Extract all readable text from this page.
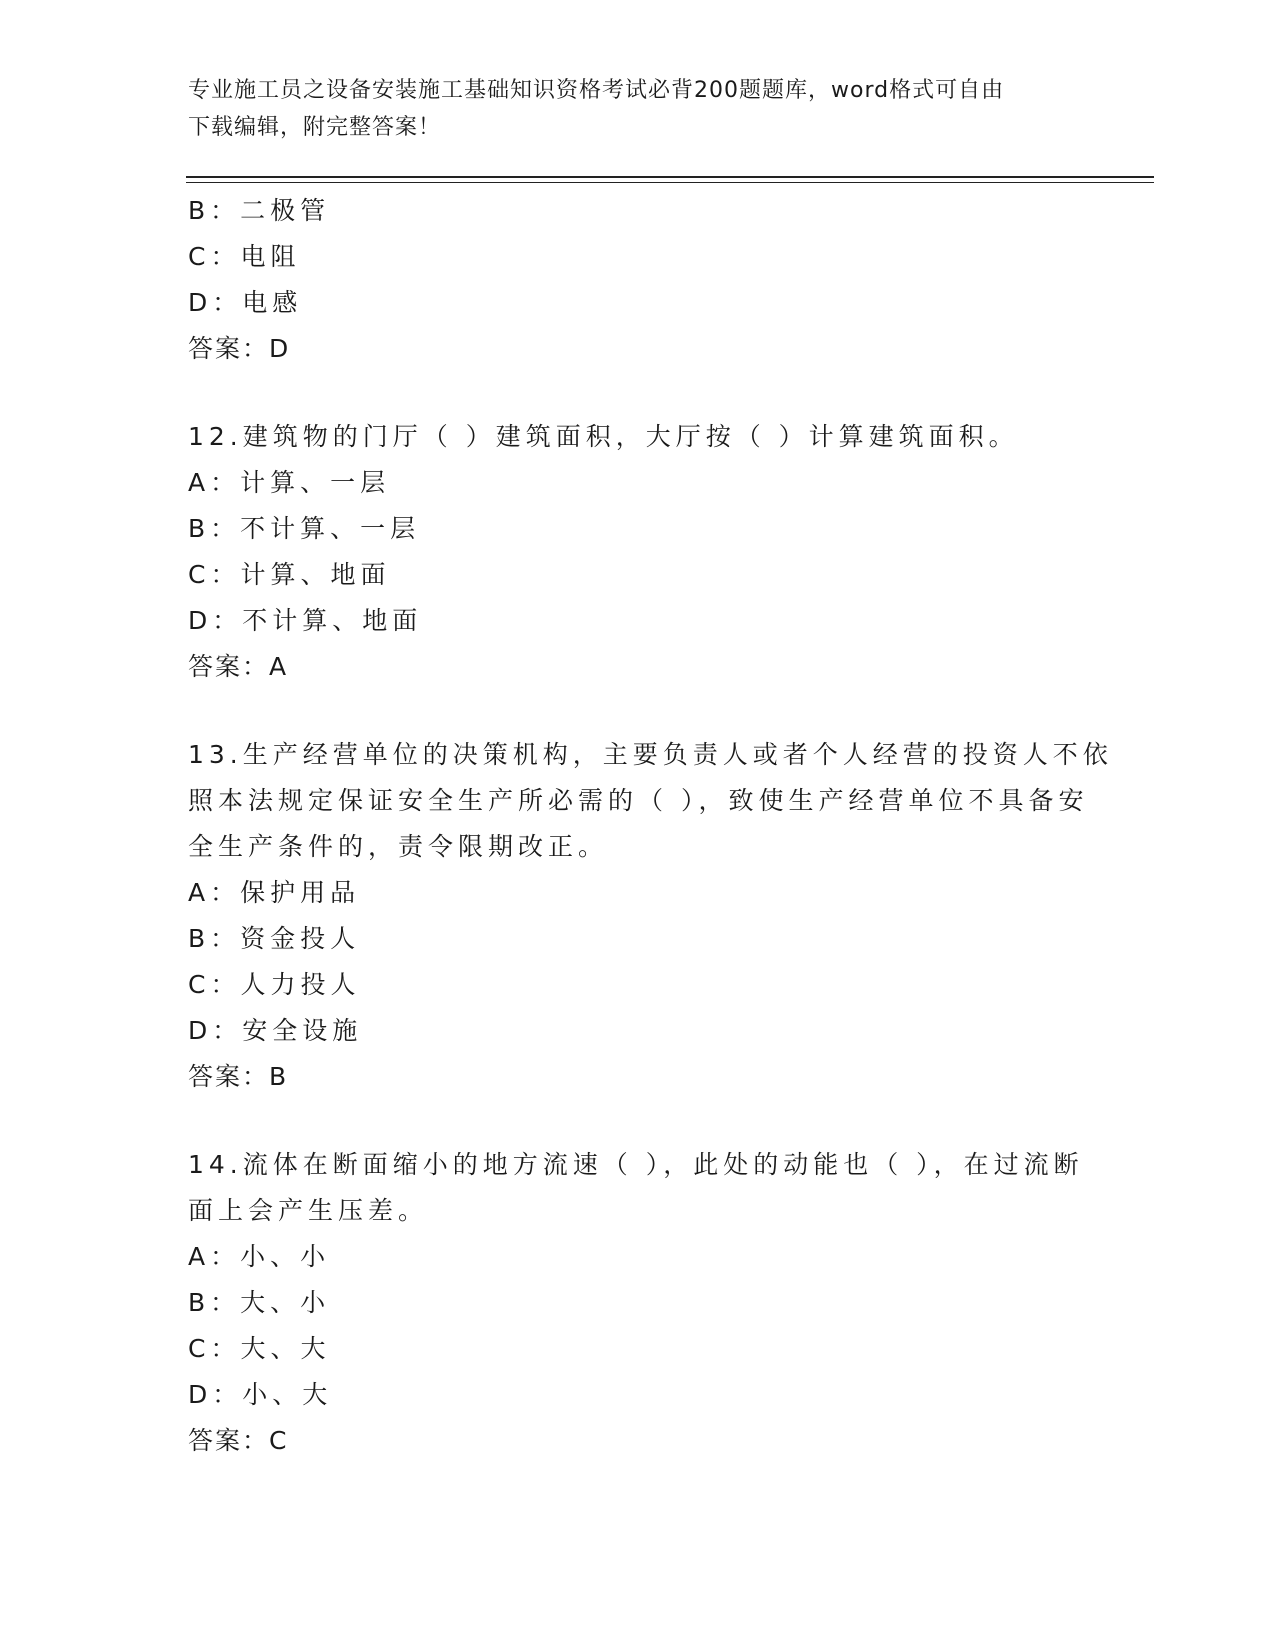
专业施工员之设备安装施工基础知识资格考试必背200题题库，word格式可自由
下载编辑，附完整答案！
B：二极管
C：电阻
D：电感
答案：D
12.建筑物的门厅（ ）建筑面积，大厅按（ ）计算建筑面积。
A：计算、一层
B：不计算、一层
C：计算、地面
D：不计算、地面
答案：A
13.生产经营单位的决策机构，主要负责人或者个人经营的投资人不依
照本法规定保证安全生产所必需的（ ），致使生产经营单位不具备安
全生产条件的，责令限期改正。
A：保护用品
B：资金投人
C：人力投人
D：安全设施
答案：B
14.流体在断面缩小的地方流速（ ），此处的动能也（ ），在过流断
面上会产生压差。
A：小、小
B：大、小
C：大、大
D：小、大
答案：C
